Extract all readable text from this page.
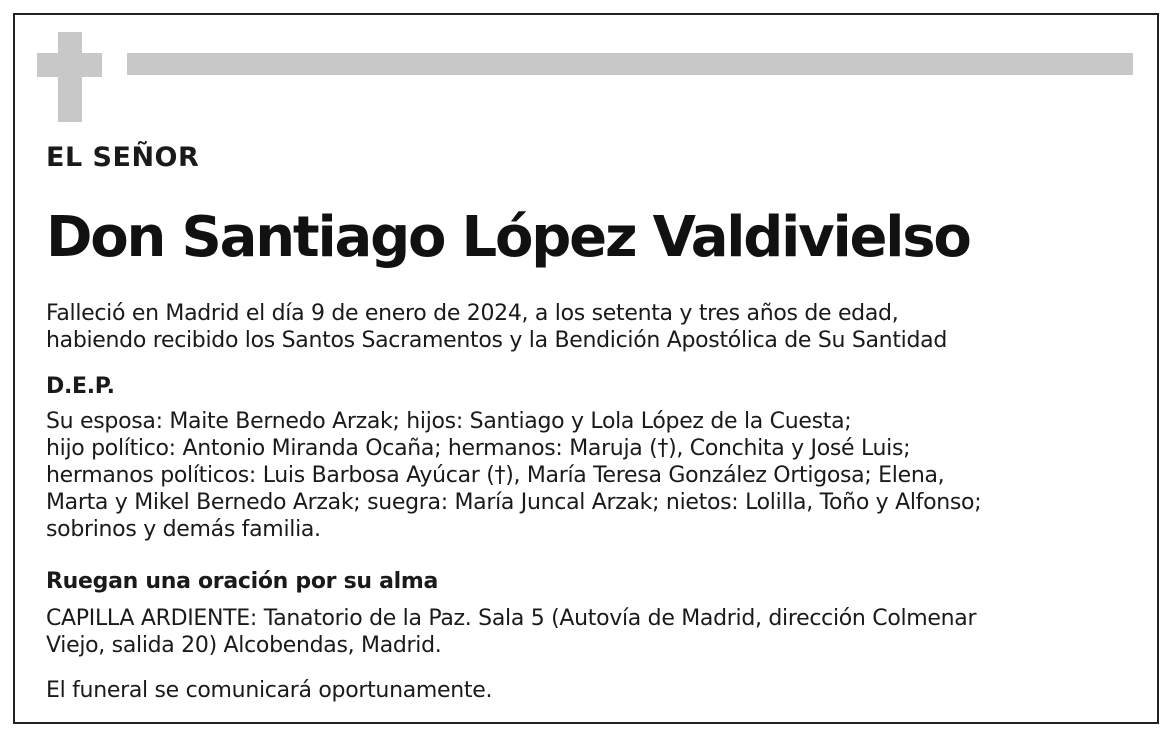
EL SEÑOR
Don Santiago López Valdivielso
Falleció en Madrid el día 9 de enero de 2024, a los setenta y tres años de edad,
habiendo recibido los Santos Sacramentos y la Bendición Apostólica de Su Santidad
D.E.P.
Su esposa: Maite Bernedo Arzak; hijos: Santiago y Lola López de la Cuesta;
hijo político: Antonio Miranda Ocaña; hermanos: Maruja (†), Conchita y José Luis;
hermanos políticos: Luis Barbosa Ayúcar (†), María Teresa González Ortigosa; Elena,
Marta y Mikel Bernedo Arzak; suegra: María Juncal Arzak; nietos: Lolilla, Toño y Alfonso;
sobrinos y demás familia.
Ruegan una oración por su alma
CAPILLA ARDIENTE: Tanatorio de la Paz. Sala 5 (Autovía de Madrid, dirección Colmenar
Viejo, salida 20) Alcobendas, Madrid.
El funeral se comunicará oportunamente.
